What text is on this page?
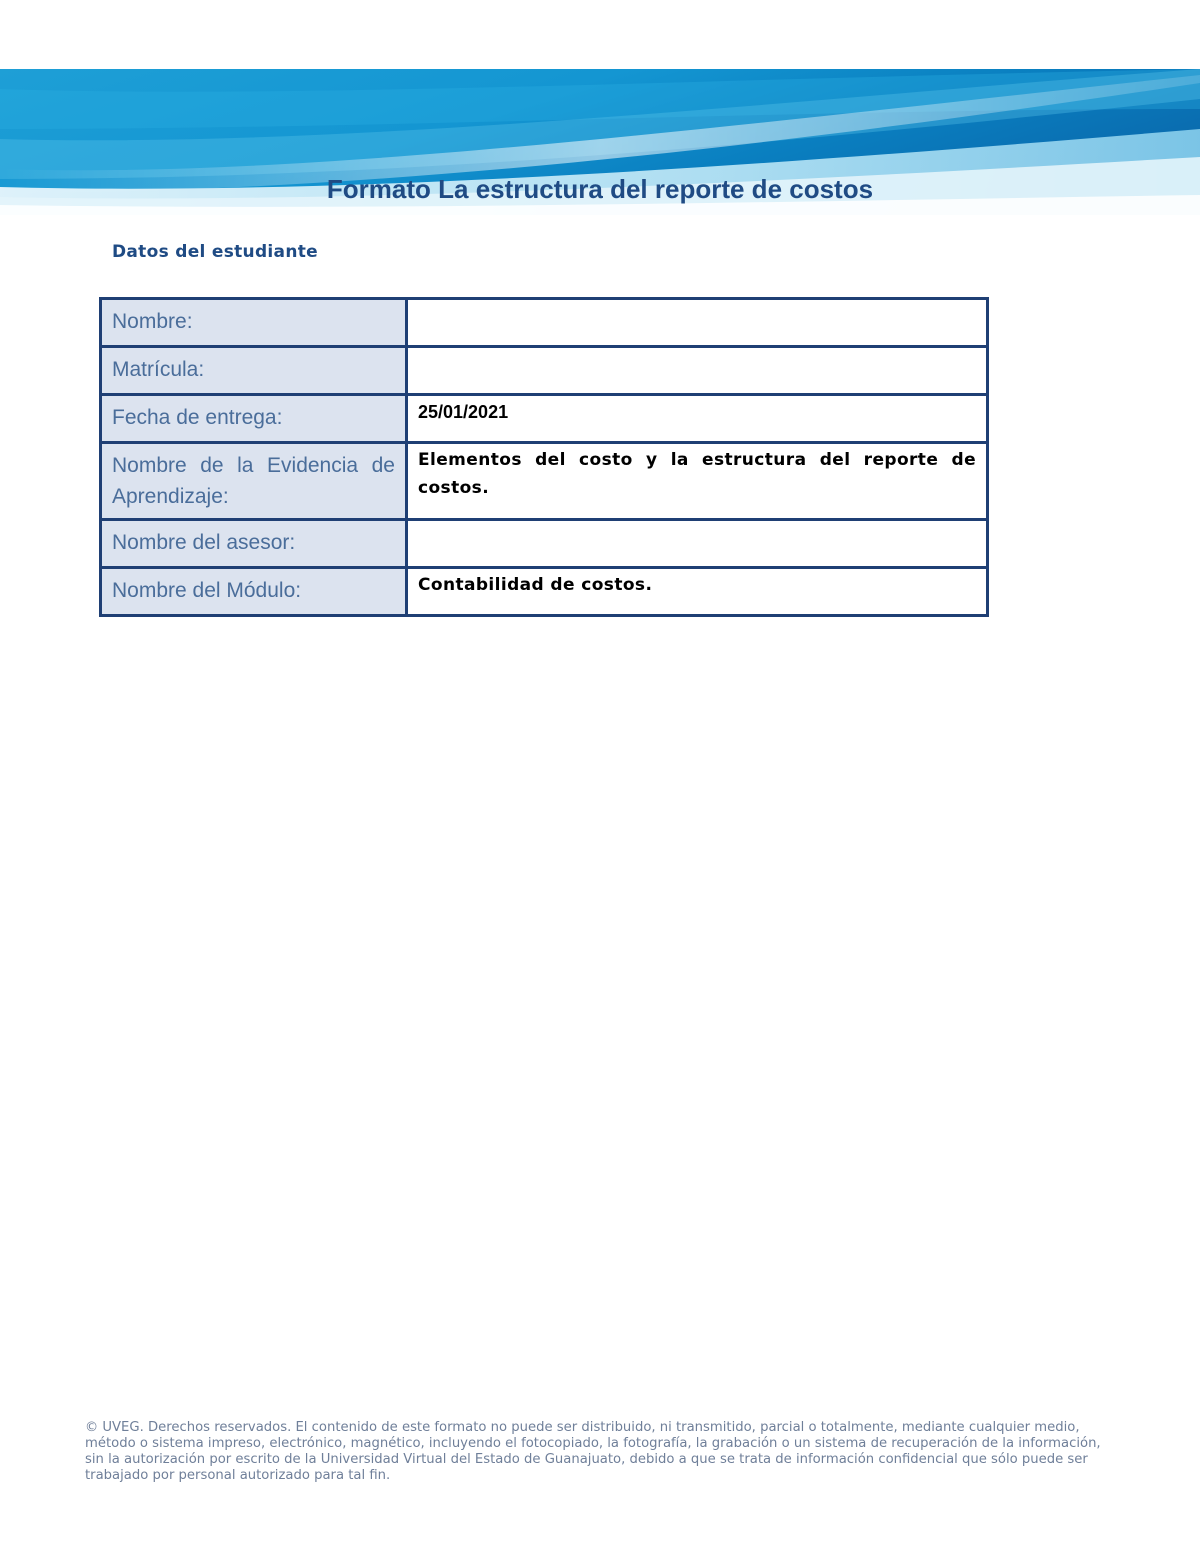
Formato La estructura del reporte de costos
Datos del estudiante
Nombre:	
Matrícula:	
Fecha de entrega:	25/01/2021
Nombre de la Evidencia de Aprendizaje:	Elementos del costo y la estructura del reporte de costos.
Nombre del asesor:	
Nombre del Módulo:	Contabilidad de costos.
© UVEG. Derechos reservados. El contenido de este formato no puede ser distribuido, ni transmitido, parcial o totalmente, mediante cualquier medio, método o sistema impreso, electrónico, magnético, incluyendo el fotocopiado, la fotografía, la grabación o un sistema de recuperación de la información, sin la autorización por escrito de la Universidad Virtual del Estado de Guanajuato, debido a que se trata de información confidencial que sólo puede ser trabajado por personal autorizado para tal fin.
